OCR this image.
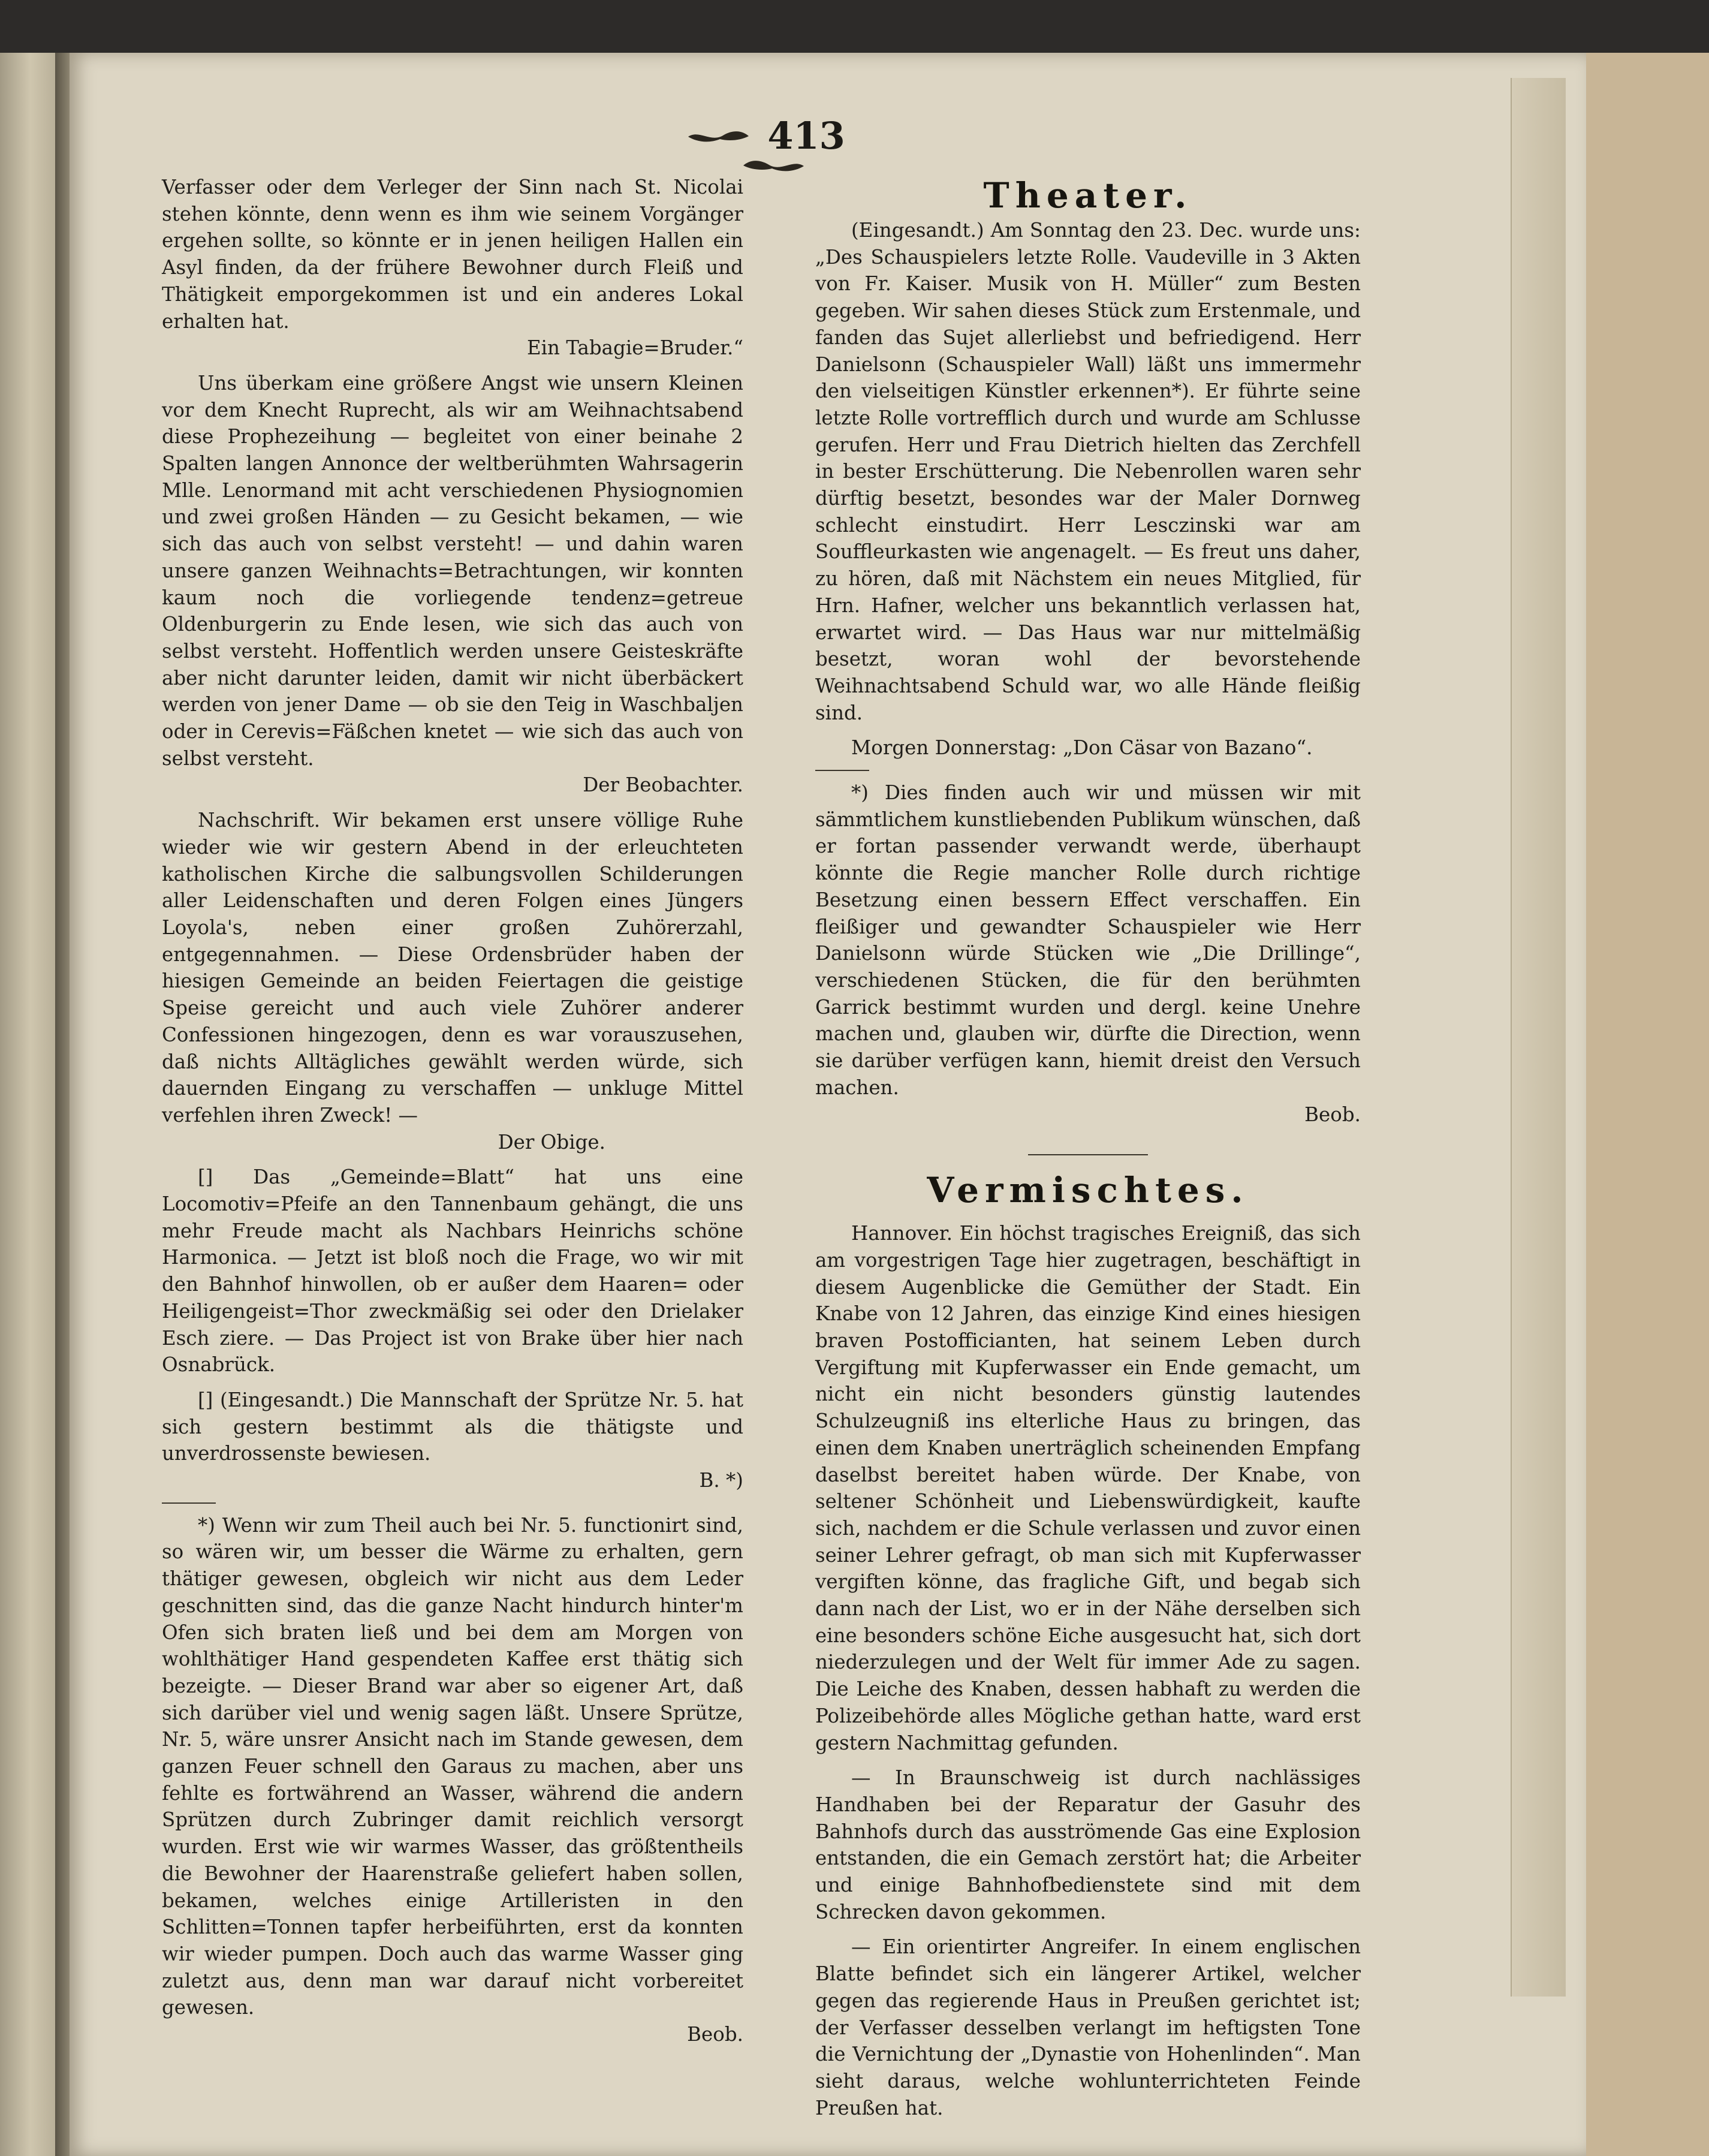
413

Verfasser oder dem Verleger der Sinn nach St. Nicolai stehen könnte, denn wenn es ihm wie seinem Vorgänger ergehen sollte, so könnte er in jenen heiligen Hallen ein Asyl finden, da der frühere Bewohner durch Fleiß und Thätigkeit emporgekommen ist und ein anderes Lokal erhalten hat.

Ein Tabagie=Bruder.“

Uns überkam eine größere Angst wie unsern Kleinen vor dem Knecht Ruprecht, als wir am Weihnachtsabend diese Prophezeihung — begleitet von einer beinahe 2 Spalten langen Annonce der weltberühmten Wahrsagerin Mlle. Lenormand mit acht verschiedenen Physiognomien und zwei großen Händen — zu Gesicht bekamen, — wie sich das auch von selbst versteht! — und dahin waren unsere ganzen Weihnachts=Betrachtungen, wir konnten kaum noch die vorliegende tendenz=getreue Oldenburgerin zu Ende lesen, wie sich das auch von selbst versteht. Hoffentlich werden unsere Geisteskräfte aber nicht darunter leiden, damit wir nicht überbäckert werden von jener Dame — ob sie den Teig in Waschbaljen oder in Cerevis=Fäßchen knetet — wie sich das auch von selbst versteht.

Der Beobachter.

Nachschrift. Wir bekamen erst unsere völlige Ruhe wieder wie wir gestern Abend in der erleuchteten katholischen Kirche die salbungsvollen Schilderungen aller Leidenschaften und deren Folgen eines Jüngers Loyola's, neben einer großen Zuhörerzahl, entgegennahmen. — Diese Ordensbrüder haben der hiesigen Gemeinde an beiden Feiertagen die geistige Speise gereicht und auch viele Zuhörer anderer Confessionen hingezogen, denn es war vorauszusehen, daß nichts Alltägliches gewählt werden würde, sich dauernden Eingang zu verschaffen — unkluge Mittel verfehlen ihren Zweck! —

Der Obige.

[] Das „Gemeinde=Blatt“ hat uns eine Locomotiv=Pfeife an den Tannenbaum gehängt, die uns mehr Freude macht als Nachbars Heinrichs schöne Harmonica. — Jetzt ist bloß noch die Frage, wo wir mit den Bahnhof hinwollen, ob er außer dem Haaren= oder Heiligengeist=Thor zweckmäßig sei oder den Drielaker Esch ziere. — Das Project ist von Brake über hier nach Osnabrück.

[] (Eingesandt.) Die Mannschaft der Sprütze Nr. 5. hat sich gestern bestimmt als die thätigste und unverdrossenste bewiesen.

B. *)

*) Wenn wir zum Theil auch bei Nr. 5. functionirt sind, so wären wir, um besser die Wärme zu erhalten, gern thätiger gewesen, obgleich wir nicht aus dem Leder geschnitten sind, das die ganze Nacht hindurch hinter'm Ofen sich braten ließ und bei dem am Morgen von wohlthätiger Hand gespendeten Kaffee erst thätig sich bezeigte. — Dieser Brand war aber so eigener Art, daß sich darüber viel und wenig sagen läßt. Unsere Sprütze, Nr. 5, wäre unsrer Ansicht nach im Stande gewesen, dem ganzen Feuer schnell den Garaus zu machen, aber uns fehlte es fortwährend an Wasser, während die andern Sprützen durch Zubringer damit reichlich versorgt wurden. Erst wie wir warmes Wasser, das größtentheils die Bewohner der Haarenstraße geliefert haben sollen, bekamen, welches einige Artilleristen in den Schlitten=Tonnen tapfer herbeiführten, erst da konnten wir wieder pumpen. Doch auch das warme Wasser ging zuletzt aus, denn man war darauf nicht vorbereitet gewesen.

Beob.
Theater.

(Eingesandt.) Am Sonntag den 23. Dec. wurde uns: „Des Schauspielers letzte Rolle. Vaudeville in 3 Akten von Fr. Kaiser. Musik von H. Müller“ zum Besten gegeben. Wir sahen dieses Stück zum Erstenmale, und fanden das Sujet allerliebst und befriedigend. Herr Danielsonn (Schauspieler Wall) läßt uns immermehr den vielseitigen Künstler erkennen*). Er führte seine letzte Rolle vortrefflich durch und wurde am Schlusse gerufen. Herr und Frau Dietrich hielten das Zerchfell in bester Erschütterung. Die Nebenrollen waren sehr dürftig besetzt, besondes war der Maler Dornweg schlecht einstudirt. Herr Lesczinski war am Souffleurkasten wie angenagelt. — Es freut uns daher, zu hören, daß mit Nächstem ein neues Mitglied, für Hrn. Hafner, welcher uns bekanntlich verlassen hat, erwartet wird. — Das Haus war nur mittelmäßig besetzt, woran wohl der bevorstehende Weihnachtsabend Schuld war, wo alle Hände fleißig sind.

Morgen Donnerstag: „Don Cäsar von Bazano“.

*) Dies finden auch wir und müssen wir mit sämmtlichem kunstliebenden Publikum wünschen, daß er fortan passender verwandt werde, überhaupt könnte die Regie mancher Rolle durch richtige Besetzung einen bessern Effect verschaffen. Ein fleißiger und gewandter Schauspieler wie Herr Danielsonn würde Stücken wie „Die Drillinge“, verschiedenen Stücken, die für den berühmten Garrick bestimmt wurden und dergl. keine Unehre machen und, glauben wir, dürfte die Direction, wenn sie darüber verfügen kann, hiemit dreist den Versuch machen.

Beob.
Vermischtes.

Hannover. Ein höchst tragisches Ereigniß, das sich am vorgestrigen Tage hier zugetragen, beschäftigt in diesem Augenblicke die Gemüther der Stadt. Ein Knabe von 12 Jahren, das einzige Kind eines hiesigen braven Postofficianten, hat seinem Leben durch Vergiftung mit Kupferwasser ein Ende gemacht, um nicht ein nicht besonders günstig lautendes Schulzeugniß ins elterliche Haus zu bringen, das einen dem Knaben unerträglich scheinenden Empfang daselbst bereitet haben würde. Der Knabe, von seltener Schönheit und Liebenswürdigkeit, kaufte sich, nachdem er die Schule verlassen und zuvor einen seiner Lehrer gefragt, ob man sich mit Kupferwasser vergiften könne, das fragliche Gift, und begab sich dann nach der List, wo er in der Nähe derselben sich eine besonders schöne Eiche ausgesucht hat, sich dort niederzulegen und der Welt für immer Ade zu sagen. Die Leiche des Knaben, dessen habhaft zu werden die Polizeibehörde alles Mögliche gethan hatte, ward erst gestern Nachmittag gefunden.

— In Braunschweig ist durch nachlässiges Handhaben bei der Reparatur der Gasuhr des Bahnhofs durch das ausströmende Gas eine Explosion entstanden, die ein Gemach zerstört hat; die Arbeiter und einige Bahnhofbedienstete sind mit dem Schrecken davon gekommen.

— Ein orientirter Angreifer. In einem englischen Blatte befindet sich ein längerer Artikel, welcher gegen das regierende Haus in Preußen gerichtet ist; der Verfasser desselben verlangt im heftigsten Tone die Vernichtung der „Dynastie von Hohenlinden“. Man sieht daraus, welche wohlunterrichteten Feinde Preußen hat.
